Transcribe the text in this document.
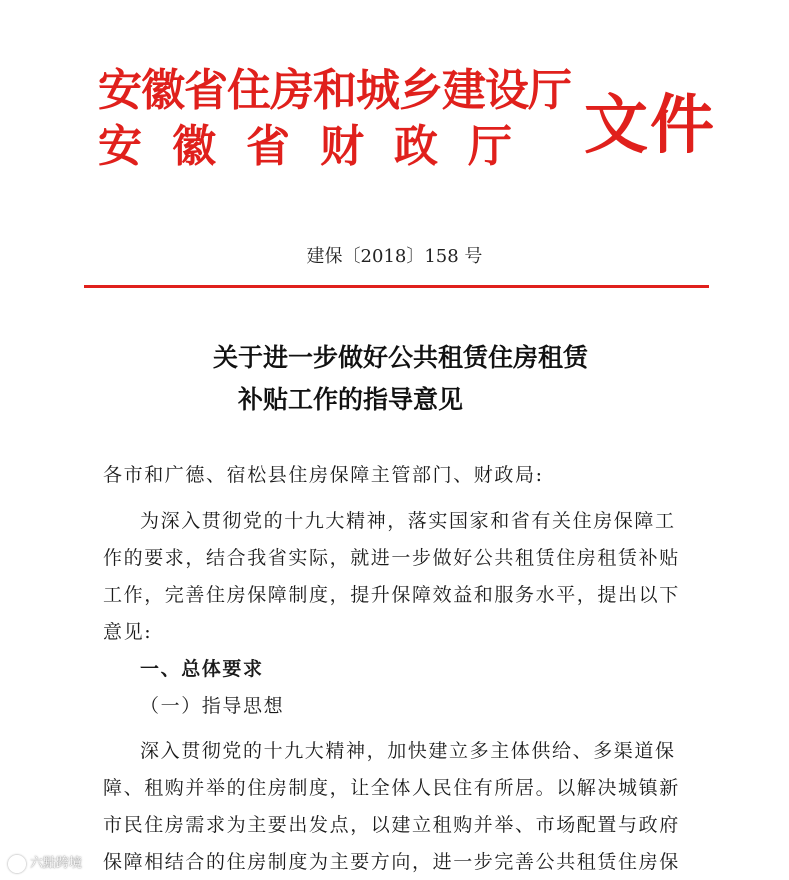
安徽省住房和城乡建设厅
安徽省财政厅 文件
建保〔2018〕158 号
关于进一步做好公共租赁住房租赁
补贴工作的指导意见
各市和广德、宿松县住房保障主管部门、财政局:
为深入贯彻党的十九大精神，落实国家和省有关住房保障工
作的要求，结合我省实际，就进一步做好公共租赁住房租赁补贴
工作，完善住房保障制度，提升保障效益和服务水平，提出以下
意见:
一、总体要求
（一）指导思想
深入贯彻党的十九大精神，加快建立多主体供给、多渠道保
障、租购并举的住房制度，让全体人民住有所居。以解决城镇新
市民住房需求为主要出发点，以建立租购并举、市场配置与政府
保障相结合的住房制度为主要方向，进一步完善公共租赁住房保
六點跨境
